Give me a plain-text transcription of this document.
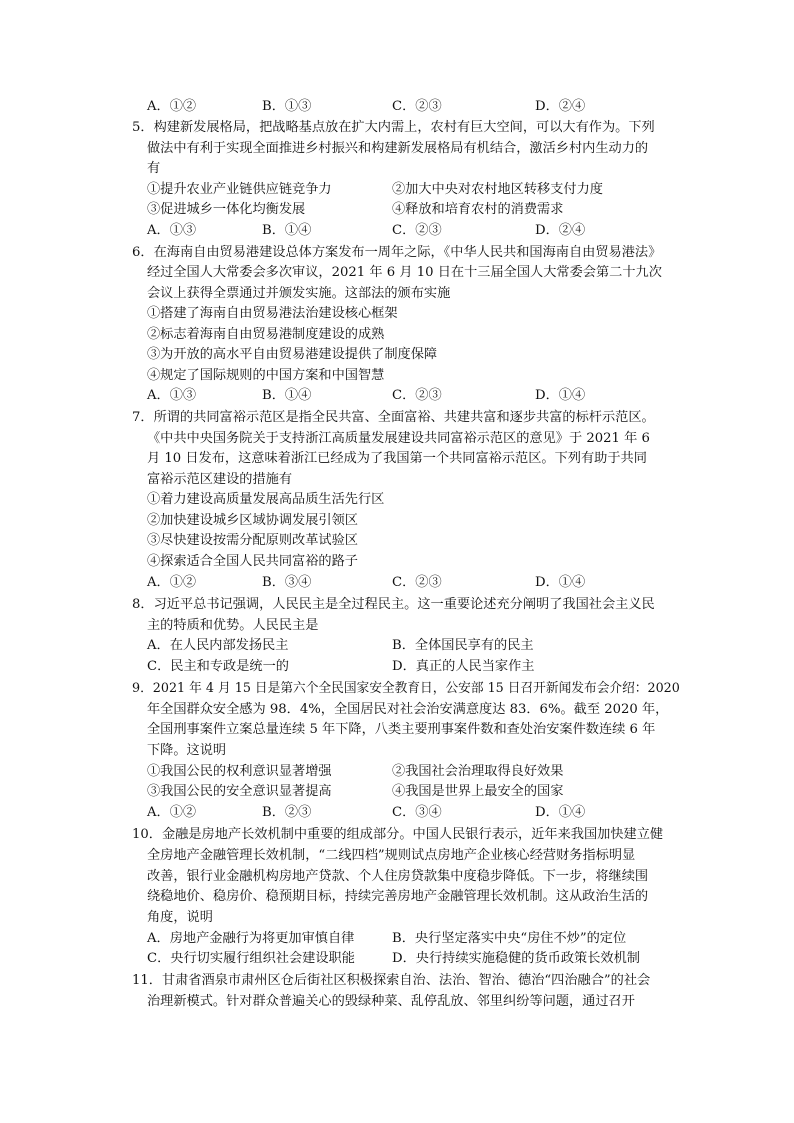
A．①②	B．①③	C．②③	D．②④
5．构建新发展格局，把战略基点放在扩大内需上，农村有巨大空间，可以大有作为。下列
做法中有利于实现全面推进乡村振兴和构建新发展格局有机结合，激活乡村内生动力的
有
①提升农业产业链供应链竞争力	②加大中央对农村地区转移支付力度
③促进城乡一体化均衡发展	④释放和培育农村的消费需求
A．①③	B．①④	C．②③	D．②④
6．在海南自由贸易港建设总体方案发布一周年之际，《中华人民共和国海南自由贸易港法》
经过全国人大常委会多次审议，2021 年 6 月 10 日在十三届全国人大常委会第二十九次
会议上获得全票通过并颁发实施。这部法的颁布实施
①搭建了海南自由贸易港法治建设核心框架
②标志着海南自由贸易港制度建设的成熟
③为开放的高水平自由贸易港建设提供了制度保障
④规定了国际规则的中国方案和中国智慧
A．①③	B．①④	C．②③	D．①④
7．所谓的共同富裕示范区是指全民共富、全面富裕、共建共富和逐步共富的标杆示范区。
《中共中央国务院关于支持浙江高质量发展建设共同富裕示范区的意见》于 2021 年 6
月 10 日发布，这意味着浙江已经成为了我国第一个共同富裕示范区。下列有助于共同
富裕示范区建设的措施有
①着力建设高质量发展高品质生活先行区
②加快建设城乡区域协调发展引领区
③尽快建设按需分配原则改革试验区
④探索适合全国人民共同富裕的路子
A．①②	B．③④	C．②③	D．①④
8．习近平总书记强调，人民民主是全过程民主。这一重要论述充分阐明了我国社会主义民
主的特质和优势。人民民主是
A．在人民内部发扬民主	B．全体国民享有的民主
C．民主和专政是统一的	D．真正的人民当家作主
9．2021 年 4 月 15 日是第六个全民国家安全教育日，公安部 15 日召开新闻发布会介绍：2020
年全国群众安全感为 98．4%，全国居民对社会治安满意度达 83．6%。截至 2020 年，
全国刑事案件立案总量连续 5 年下降，八类主要刑事案件数和查处治安案件数连续 6 年
下降。这说明
①我国公民的权利意识显著增强	②我国社会治理取得良好效果
③我国公民的安全意识显著提高	④我国是世界上最安全的国家
A．①②	B．②③	C．③④	D．①④
10．金融是房地产长效机制中重要的组成部分。中国人民银行表示，近年来我国加快建立健
全房地产金融管理长效机制，“二线四档”规则试点房地产企业核心经营财务指标明显
改善，银行业金融机构房地产贷款、个人住房贷款集中度稳步降低。下一步，将继续围
绕稳地价、稳房价、稳预期目标，持续完善房地产金融管理长效机制。这从政治生活的
角度，说明
A．房地产金融行为将更加审慎自律	B．央行坚定落实中央“房住不炒”的定位
C．央行切实履行组织社会建设职能	D．央行持续实施稳健的货币政策长效机制
11．甘肃省酒泉市肃州区仓后街社区积极探索自治、法治、智治、德治“四治融合”的社会
治理新模式。针对群众普遍关心的毁绿种菜、乱停乱放、邻里纠纷等问题，通过召开
